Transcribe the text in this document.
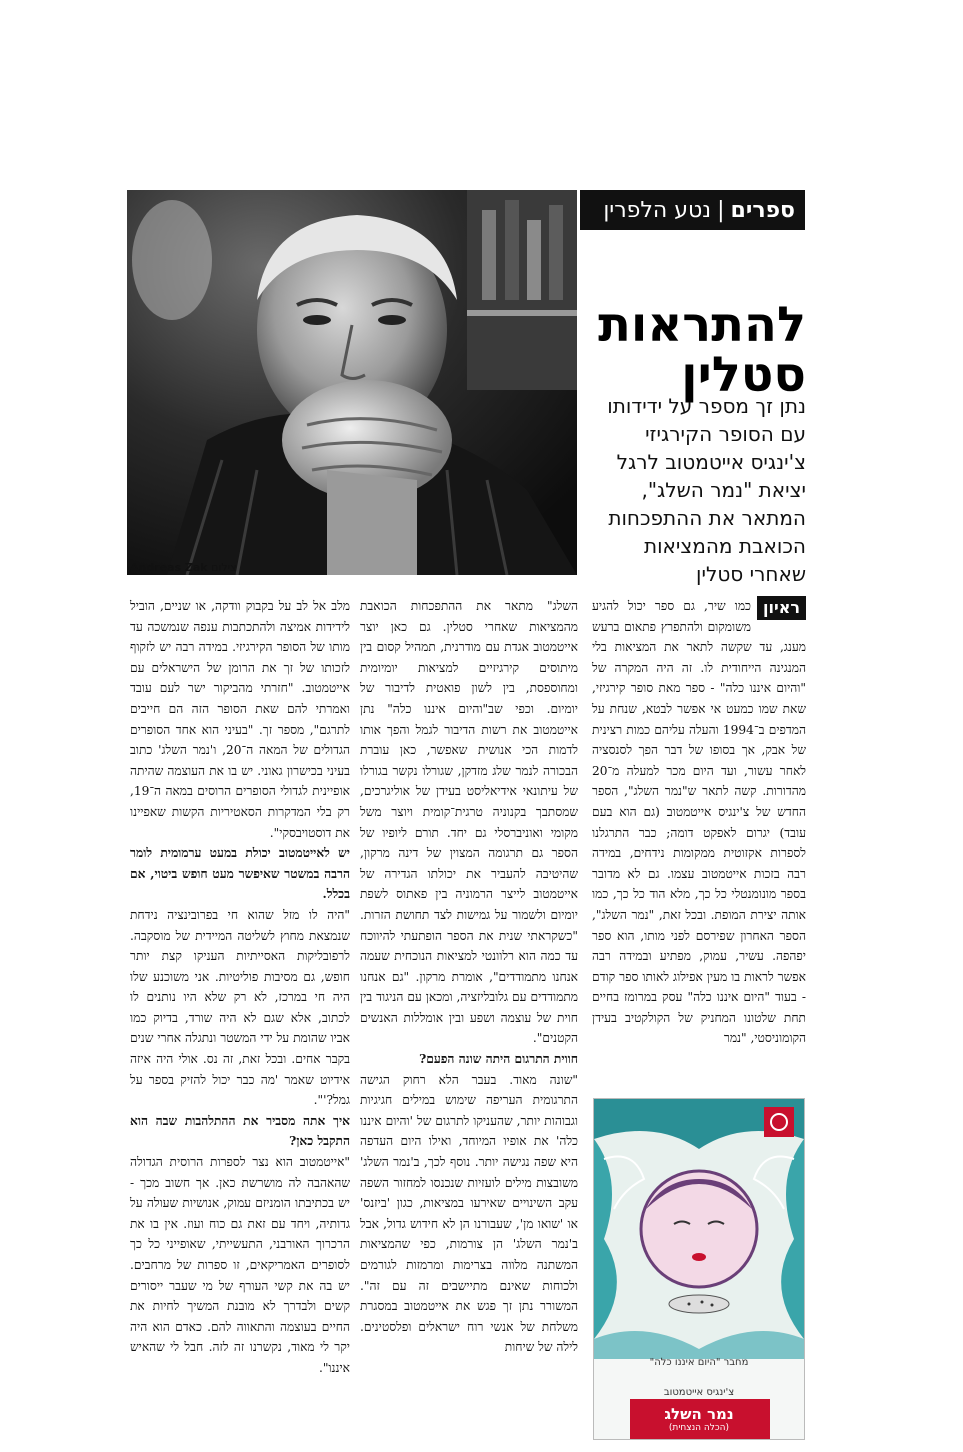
ספרים
|
נטע הלפרין
צילום Andreas Zak
להתראות
סטלין
נתן זך מספר על ידידותו
עם הסופר הקירגיזי
צ'ינגיס אייטמטוב לרגל
יציאת "נמר השלג",
המתאר את ההתפכחות
הכואבת מהמציאות
שאחרי סטלין
ראיון

כמו שיר, גם ספר יכול להגיע משומקום ולהתפרץ פתאום ברעש מענג, עד שקשה לתאר את המציאות בלי המנגינה הייחודית לו. זה היה המקרה של "והיום איננו כלה" - ספר מאת סופר קירגיזי, שאת שמו כמעט אי אפשר לבטא, שנחת על המדפים ב־1994 והעלה עליהם כמות רצינית של אבק, אך בסופו של דבר הפך לסנסציה לאחר עשור, ועד היום מכר למעלה מ־20 מהדורות. קשה לתאר ש"נמר השלג", הספר החדש של צ'ינגיס אייטמטוב (גם הוא בעם עובד) יגרום לאפקט דומה; כבר התרגלנו לספרות אקזוטית ממקומות נידחים, במידה רבה בזכות אייטמטוב עצמו. גם לא מדובר בספר מונומנטלי כל כך, מלא הוד כל כך, כמו אותה יצירת המופת. ובכל זאת, "נמר השלג", הספר האחרון שפירסם לפני מותו, הוא ספר יפהפה. עשיר, עמוק, מפתיע ובמידה רבה אפשר לראות בו מעין אפילוג לאותו ספר קודם - בעוד "היום איננו כלה" עסק במרומז בחיים תחת שלטונו המחניק של הקולקטיב בעידן הקומוניסטי, "נמר

השלג" מתאר את ההתפכחות הכואבת מהמציאות שאחרי סטלין. גם כאן יוצר אייטמטוב אגדת עם מודרנית, תמהיל קסום בין מיתוסים קירגיזיים למציאות יומיומית ומחוספסת, בין לשון פואטית לדיבור של יומיום. וכפי שב"והיום איננו כלה" נתן אייטמטוב את רשות הדיבור לגמל והפך אותו לדמות הכי אנושית שאפשר, כאן עוברת הבכורה לנמר שלג מזדקן, שגורלו נקשר בגורלו של עיתונאי אידיאליסט בעידן של אוליגרכים, שמסתבך בקנוניה טרגית־קומית ויוצר משל מקומי ואוניברסלי גם יחד. תורם ליופיו של הספר גם תרגומה המצוין של דינה מרקון, שהיטיבה להעביר את יכולתו הגדירה של אייטמטוב לייצר הרמוניה בין פאתוס לשפת יומיום ולשמור על גמישות לצד תחושת הזרות. "כשקראתי שנית את הספר הופתעתי להיווכח עד כמה הוא רלוונטי למציאות הנוכחית שעמה אנחנו מתמודדים", אומרת מרקון. "גם אנחנו מתמודדים עם גלובליזציה, ומכאן עם הניגוד בין חוית של עוצמה ושפע ובין אומללות האנשים הקטנים".

חווית התרגום היתה שונה הפעם?

"שונה מאוד. בעבר הלא רחוק הגישה התרגומית העריפה שימוש במילים חגיגיות וגבוהות יותר, שהעניקו לתרגום של 'והיום איננו כלה' את אופיו המיוחד, ואילו היום העדפה היא שפה נגישה יותר. נוסף לכך, ב'נמר השלג' משובצות מילים לועזיות שנכנסו למחזור השפה עקב השינויים שאירעו במציאות, כגון 'ביזנס' או 'שואו מן', שעבורנו הן לא חידוש גדול, אבל ב'נמר השלג' הן צורמות, כפי שהמציאות המשתנה מלווה בצרימות ומרמזות לגורמים ולכוחות שאינם מתיישבים זה עם זה". המשורר נתן זך פגש את אייטמטוב במסגרת משלחת של אנשי רוח ישראלים ופלסטינים. לילה של שיחות

מלב אל לב על בקבוק וודקה, או שניים, הוביל לידידות אמיצה ולהתכתבות ענפה שנמשכה עד מותו של הסופר הקירגיזי. במידה רבה יש לזקוף לזכותו של זך את הרומן של הישראלים עם אייטמטוב. "חזרתי מהביקור ישר לעם עובד ואמרתי להם שאת הסופר הזה הם חייבים לתרגם", מספר זך. "בעיני הוא אחד הסופרים הגדולים של המאה ה־20, ו'נמר השלג' כתוב בעיני בכישרון גאוני. יש בו את העוצמה שהיתה אופיינית לגדולי הסופרים הרוסים במאה ה־19, רק בלי המדקרות הסאטיריות הקשות שאפיינו את דוסטויבסקי".

יש לאייטמטוב יכולת במעט ערמומית לומר הרבה במשטר שאיפשר מעט חופש ביטוי, אם בכלל.

"היה לו מזל שהוא חי בפרובינציה נידחת שנמצאת מחוץ לשליטה המיידית של מוסקבה. לרפובליקות האסייתיות העניקו קצת יותר חופש, גם מסיבות פוליטיות. אני משוכנע שלו היה חי במרכז, לא רק שלא היו נותנים לו לכתוב, אלא שגם לא היה שורד, בדיוק כמו אביו שהומת על ידי המשטר ונתגלה אחרי שנים בקבר אחים. ובכל זאת, זה נס. אולי היה איזה אידיוט שאמר 'מה כבר יכול להזיק בספר על גמל?'".

איך אתה מסביר את ההתלהבות שבה הוא התקבל כאן?

"אייטמטוב הוא נצר לספרות הרוסית הגדולה שהאהבה לה מושרשת כאן. אך חשוב מכך - יש בכתיבתו הומניזם עמוק, אנושיות שעולה על גדותיה, ויחד עם זאת גם כוח ועוז. אין בו את הרכרוך האורבני, התעשייתי, שאופייני כל כך לסופרים האמריקאים, זו ספרות של מרחבים. יש בה את קשי העורף של מי שעבר ייסורים קשים ולבדרך לא מובנת המשיך לחיות את החיים בעוצמה והתאווה להם. כאדם הוא היה יקר לי מאוד, נקשרנו זה לזה. חבל לי שהאיש איננו".	מחבר "היום איננו כלה"
צ'ינגיס אייטמטוב
נמר השלג
(הכלה הנצחית)
